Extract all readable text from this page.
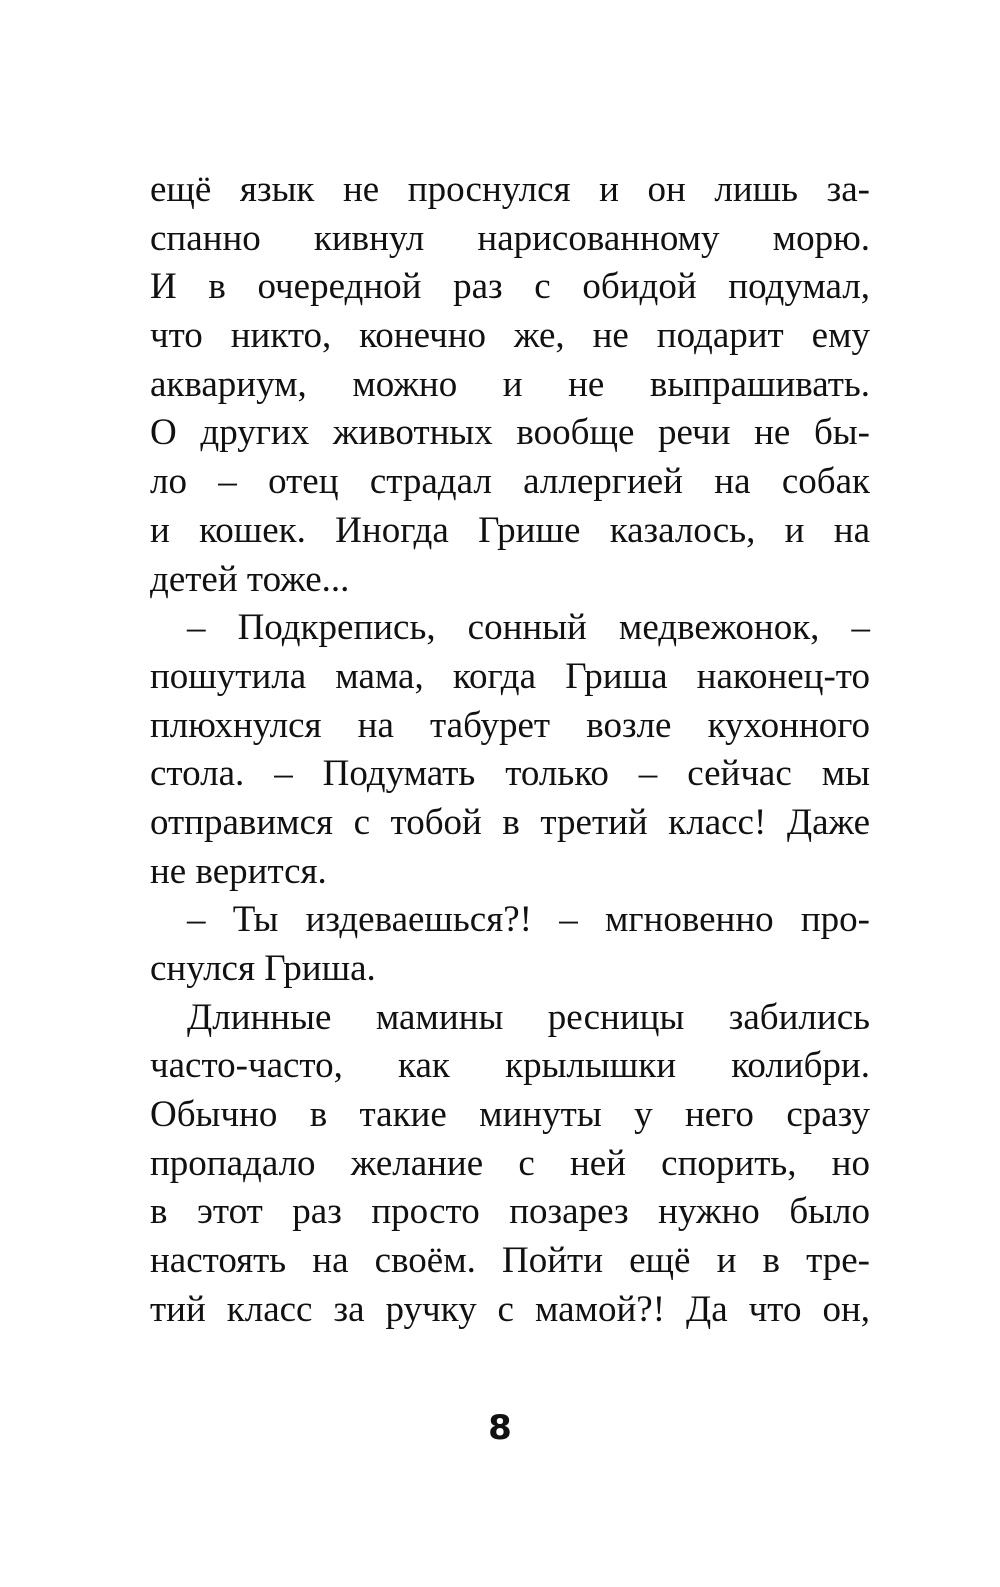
ещё язык не проснулся и он лишь за-
спанно кивнул нарисованному морю.
И в очередной раз с обидой подумал,
что никто, конечно же, не подарит ему
аквариум, можно и не выпрашивать.
О других животных вообще речи не бы-
ло – отец страдал аллергией на собак
и кошек. Иногда Грише казалось, и на
детей тоже...
– Подкрепись, сонный медвежонок, –
пошутила мама, когда Гриша наконец-то
плюхнулся на табурет возле кухонного
стола. – Подумать только – сейчас мы
отправимся с тобой в третий класс! Даже
не верится.
– Ты издеваешься?! – мгновенно про-
снулся Гриша.
Длинные мамины ресницы забились
часто-часто, как крылышки колибри.
Обычно в такие минуты у него сразу
пропадало желание с ней спорить, но
в этот раз просто позарез нужно было
настоять на своём. Пойти ещё и в тре-
тий класс за ручку с мамой?! Да что он,
8
